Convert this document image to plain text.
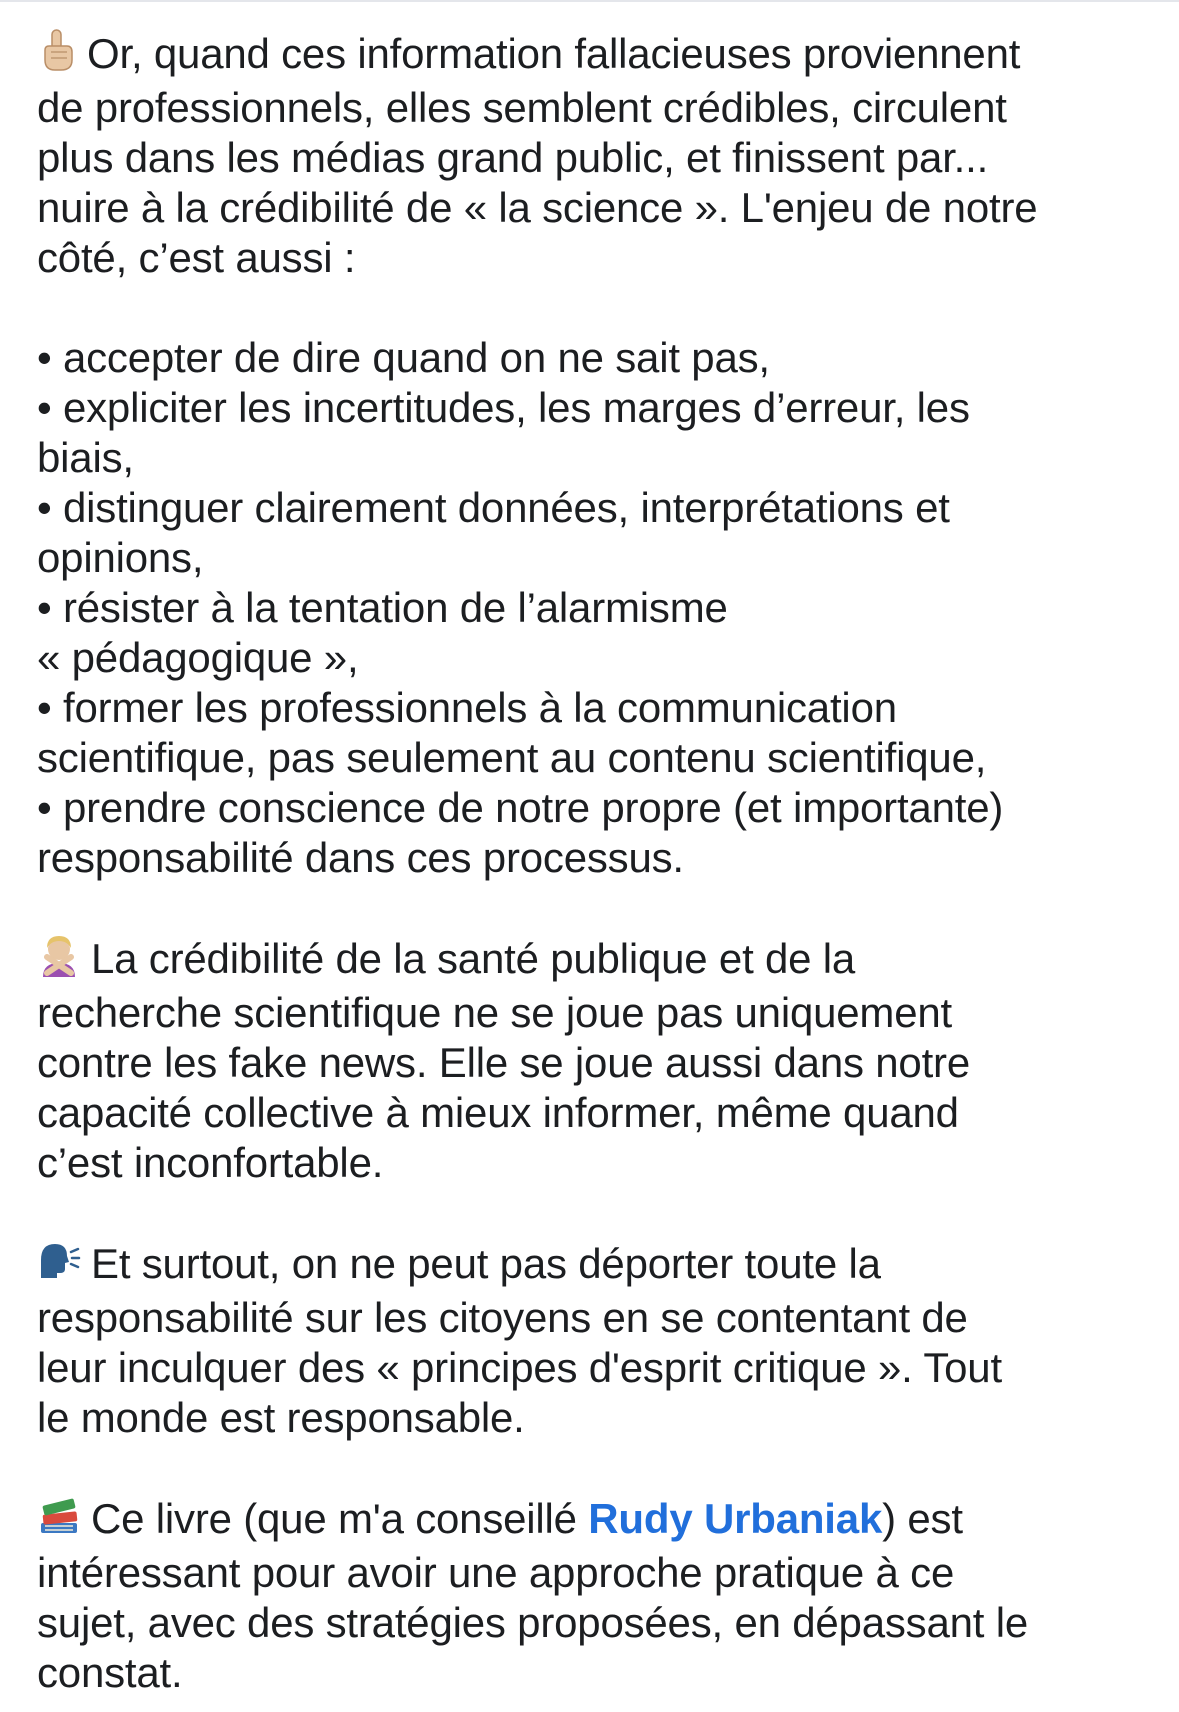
Or, quand ces information fallacieuses proviennent
de professionnels, elles semblent crédibles, circulent
plus dans les médias grand public, et finissent par...
nuire à la crédibilité de « la science ». L'enjeu de notre
côté, c’est aussi :
• accepter de dire quand on ne sait pas,
• expliciter les incertitudes, les marges d’erreur, les
biais,
• distinguer clairement données, interprétations et
opinions,
• résister à la tentation de l’alarmisme
« pédagogique »,
• former les professionnels à la communication
scientifique, pas seulement au contenu scientifique,
• prendre conscience de notre propre (et importante)
responsabilité dans ces processus.
La crédibilité de la santé publique et de la
recherche scientifique ne se joue pas uniquement
contre les fake news. Elle se joue aussi dans notre
capacité collective à mieux informer, même quand
c’est inconfortable.
Et surtout, on ne peut pas déporter toute la
responsabilité sur les citoyens en se contentant de
leur inculquer des « principes d'esprit critique ». Tout
le monde est responsable.
Ce livre (que m'a conseillé Rudy Urbaniak) est
intéressant pour avoir une approche pratique à ce
sujet, avec des stratégies proposées, en dépassant le
constat.
